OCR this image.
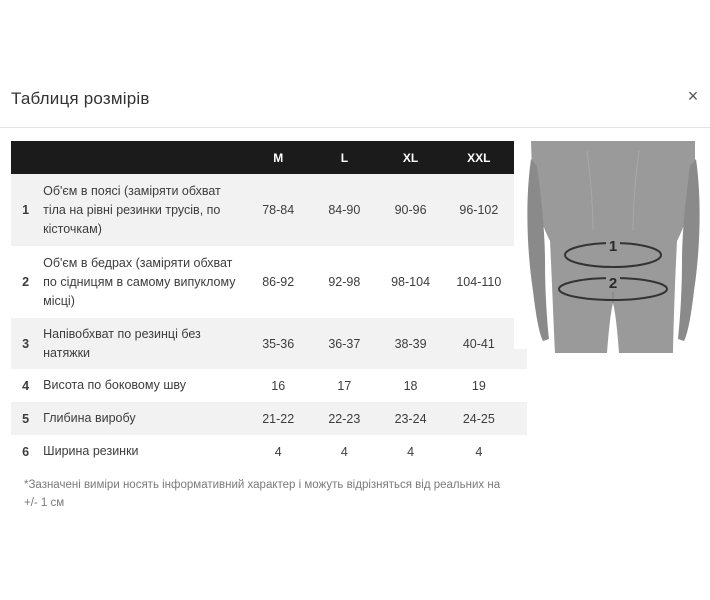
Таблиця розмірів	×
		M	L	XL	XXL
1	Об'єм в поясі (заміряти обхват тіла на рівні резинки трусів, по кісточкам)	78-84	84-90	90-96	96-102
2	Об'єм в бедрах (заміряти обхват по сідницям в самому випуклому місці)	86-92	92-98	98-104	104-110
3	Напівобхват по резинці без натяжки	35-36	36-37	38-39	40-41
4	Висота по боковому шву	16	17	18	19
5	Глибина виробу	21-22	22-23	23-24	24-25
6	Ширина резинки	4	4	4	4
*Зазначені виміри носять інформативний характер і можуть відрізняться від реальних на +/- 1 см
1
2
